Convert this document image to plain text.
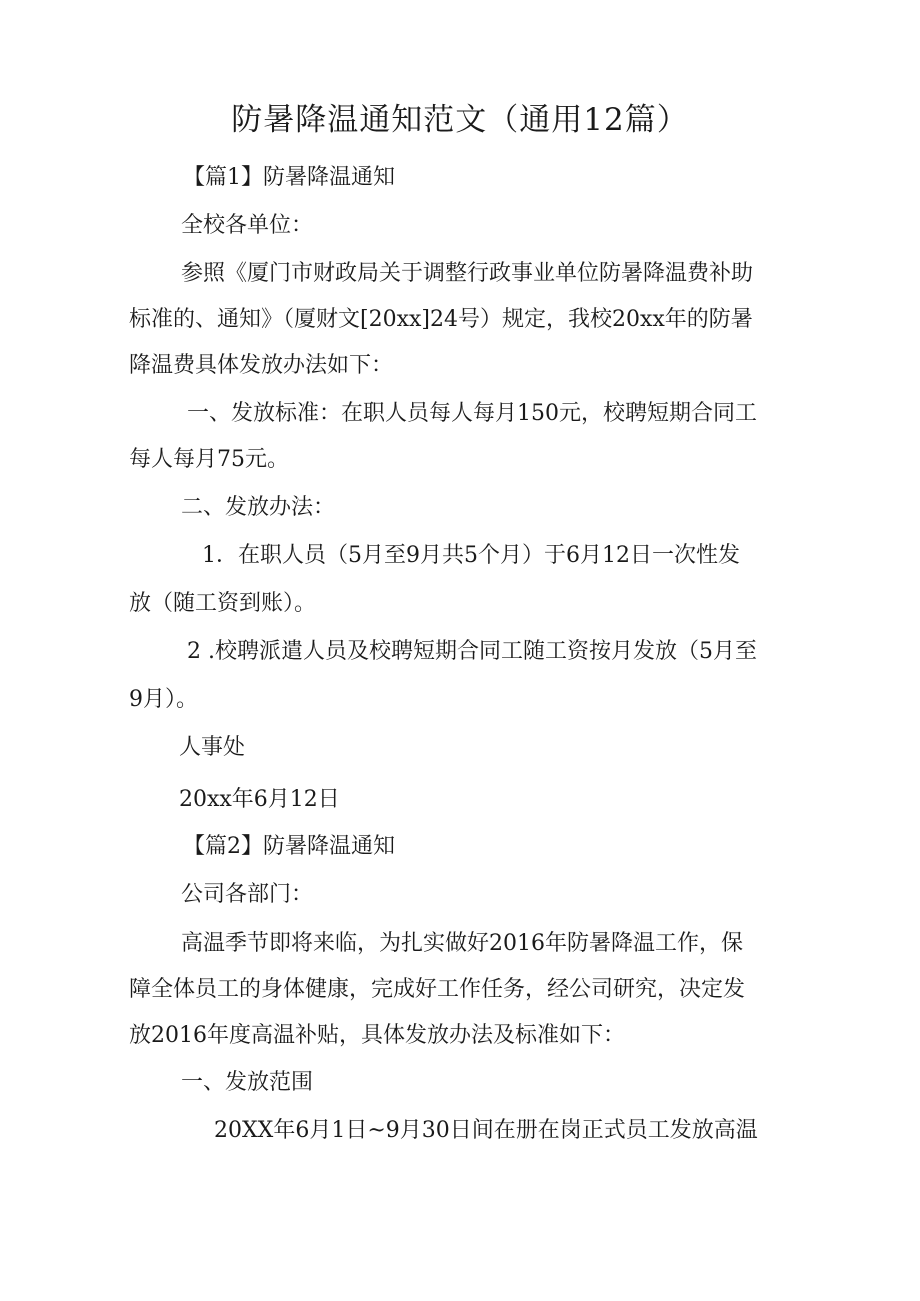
防暑降温通知范文（通用12篇）

【篇1】防暑降温通知

全校各单位：

参照《厦门市财政局关于调整行政事业单位防暑降温费补助

标准的、通知》（厦财文[20xx]24号）规定，我校20xx年的防暑

降温费具体发放办法如下：

一、发放标准：在职人员每人每月150元，校聘短期合同工

每人每月75元。

二、发放办法：

1．在职人员（5月至9月共5个月）于6月12日一次性发

放（随工资到账）。

2 .校聘派遣人员及校聘短期合同工随工资按月发放（5月至

9月）。

人事处

20xx年6月12日

【篇2】防暑降温通知

公司各部门：

高温季节即将来临，为扎实做好2016年防暑降温工作，保

障全体员工的身体健康，完成好工作任务，经公司研究，决定发

放2016年度高温补贴，具体发放办法及标准如下：

一、发放范围

20XX年6月1日~9月30日间在册在岗正式员工发放高温
